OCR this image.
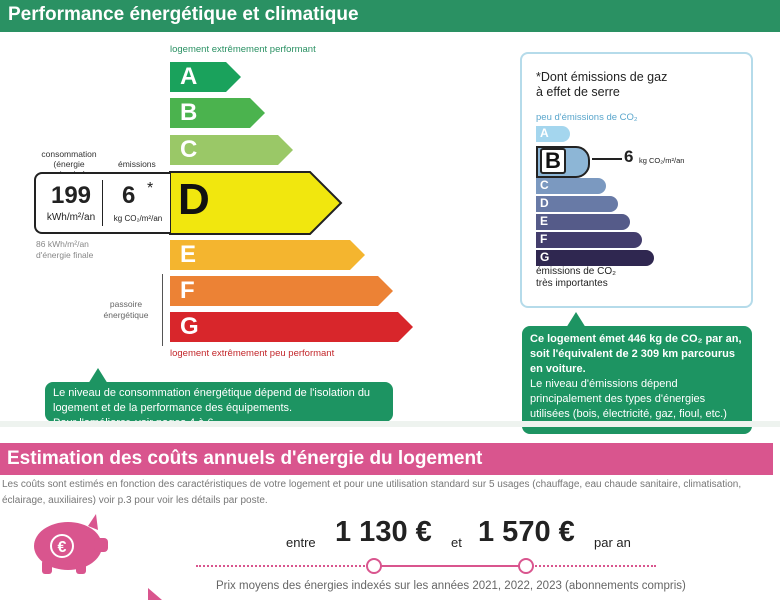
Performance énergétique et climatique
logement extrêmement performant
A
B
C
D
E
F
G
logement extrêmement peu performant
consommation
(énergie	émissions
199
kWh/m²/an
6 *
kg CO₂/m²/an
86 kWh/m²/an
d'énergie finale
passoire
énergétique
*Dont émissions de gaz
à effet de serre
peu d'émissions de CO₂
A
B
C
D
E
F
G
6 kg CO₂/m²/an
émissions de CO₂
très importantes
Le niveau de consommation énergétique dépend de l'isolation du logement et de la performance des équipements.

Ce logement émet 446 kg de CO₂ par an, soit l'équivalent de 2 309 km parcourus en voiture.
Le niveau d'émissions dépend principalement des types d'énergies utilisées (bois, électricité, gaz, fioul, etc.)
Estimation des coûts annuels d'énergie du logement
Les coûts sont estimés en fonction des caractéristiques de votre logement et pour une utilisation standard sur 5 usages (chauffage, eau chaude sanitaire, climatisation, éclairage, auxiliaires) voir p.3 pour voir les détails par poste.
€	entre 1 130 € et 1 570 € par an
Prix moyens des énergies indexés sur les années 2021, 2022, 2023 (abonnements compris)
